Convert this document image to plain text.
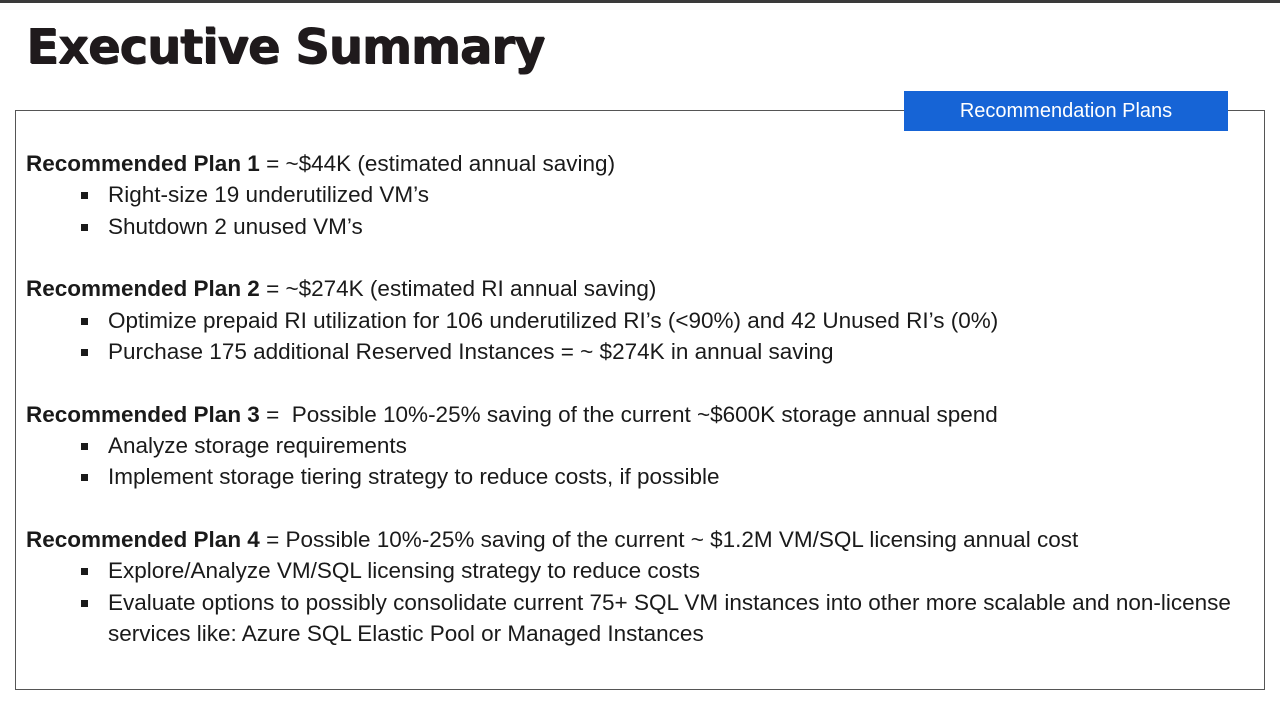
Executive Summary
Recommendation Plans

Recommended Plan 1 = ~$44K (estimated annual saving)

Right-size 19 underutilized VM’s
Shutdown 2 unused VM’s

Recommended Plan 2 = ~$274K (estimated RI annual saving)

Optimize prepaid RI utilization for 106 underutilized RI’s (<90%) and 42 Unused RI’s (0%)
Purchase 175 additional Reserved Instances = ~ $274K in annual saving

Recommended Plan 3 =  Possible 10%-25% saving of the current ~$600K storage annual spend

Analyze storage requirements
Implement storage tiering strategy to reduce costs, if possible

Recommended Plan 4 = Possible 10%-25% saving of the current ~ $1.2M VM/SQL licensing annual cost

Explore/Analyze VM/SQL licensing strategy to reduce costs
Evaluate options to possibly consolidate current 75+ SQL VM instances into other more scalable and non-license services like: Azure SQL Elastic Pool or Managed Instances
